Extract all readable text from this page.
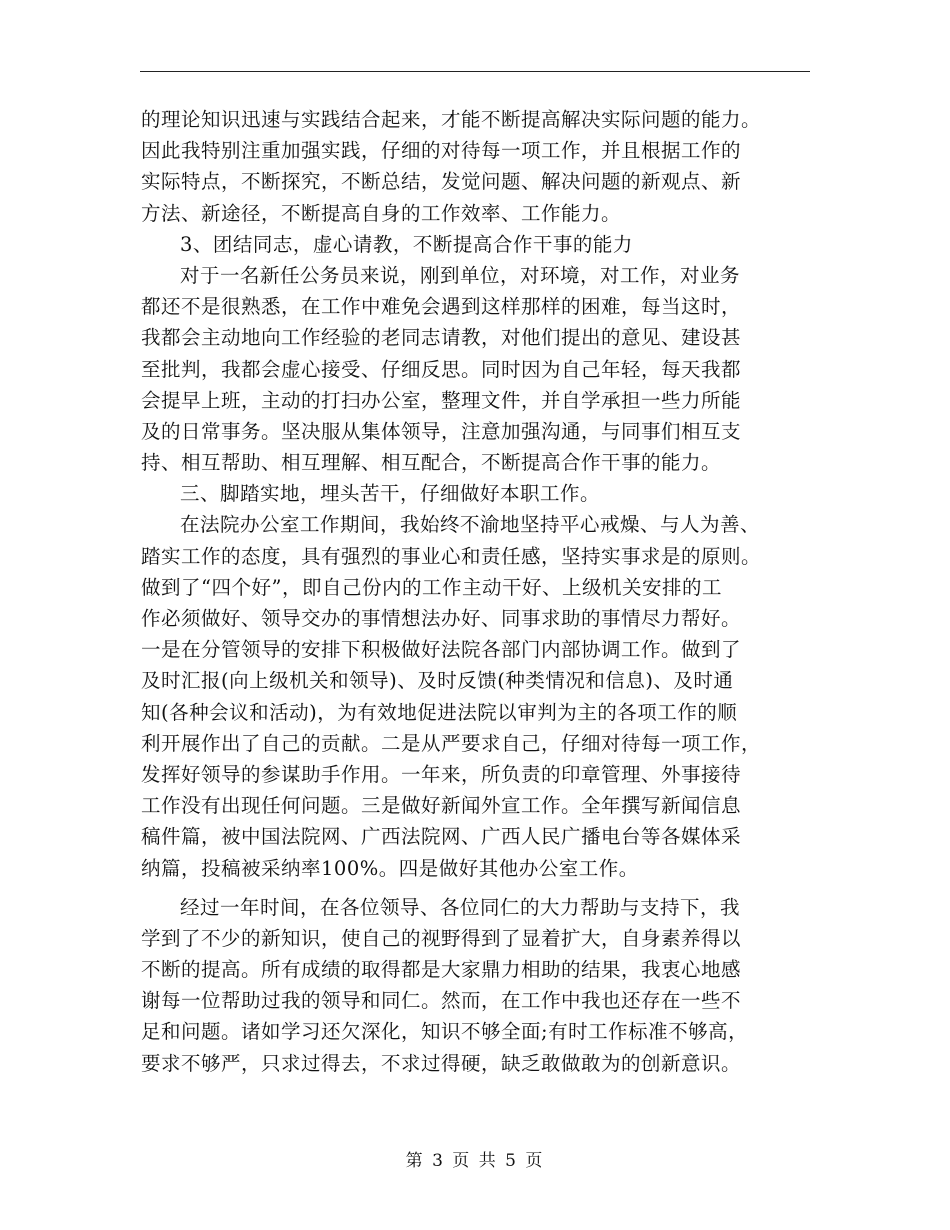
的理论知识迅速与实践结合起来，才能不断提高解决实际问题的能力。
因此我特别注重加强实践，仔细的对待每一项工作，并且根据工作的
实际特点，不断探究，不断总结，发觉问题、解决问题的新观点、新
方法、新途径，不断提高自身的工作效率、工作能力。
3、团结同志，虚心请教，不断提高合作干事的能力
对于一名新任公务员来说，刚到单位，对环境，对工作，对业务
都还不是很熟悉，在工作中难免会遇到这样那样的困难，每当这时，
我都会主动地向工作经验的老同志请教，对他们提出的意见、建设甚
至批判，我都会虚心接受、仔细反思。同时因为自己年轻，每天我都
会提早上班，主动的打扫办公室，整理文件，并自学承担一些力所能
及的日常事务。坚决服从集体领导，注意加强沟通，与同事们相互支
持、相互帮助、相互理解、相互配合，不断提高合作干事的能力。
三、脚踏实地，埋头苦干，仔细做好本职工作。
在法院办公室工作期间，我始终不渝地坚持平心戒燥、与人为善、
踏实工作的态度，具有强烈的事业心和责任感，坚持实事求是的原则。
做到了“四个好”，即自己份内的工作主动干好、上级机关安排的工
作必须做好、领导交办的事情想法办好、同事求助的事情尽力帮好。
一是在分管领导的安排下积极做好法院各部门内部协调工作。做到了
及时汇报(向上级机关和领导)、及时反馈(种类情况和信息)、及时通
知(各种会议和活动)，为有效地促进法院以审判为主的各项工作的顺
利开展作出了自己的贡献。二是从严要求自己，仔细对待每一项工作，
发挥好领导的参谋助手作用。一年来，所负责的印章管理、外事接待
工作没有出现任何问题。三是做好新闻外宣工作。全年撰写新闻信息
稿件篇，被中国法院网、广西法院网、广西人民广播电台等各媒体采
纳篇，投稿被采纳率100%。四是做好其他办公室工作。
经过一年时间，在各位领导、各位同仁的大力帮助与支持下，我
学到了不少的新知识，使自己的视野得到了显着扩大，自身素养得以
不断的提高。所有成绩的取得都是大家鼎力相助的结果，我衷心地感
谢每一位帮助过我的领导和同仁。然而，在工作中我也还存在一些不
足和问题。诸如学习还欠深化，知识不够全面;有时工作标准不够高，
要求不够严，只求过得去，不求过得硬，缺乏敢做敢为的创新意识。
第 3 页 共 5 页
